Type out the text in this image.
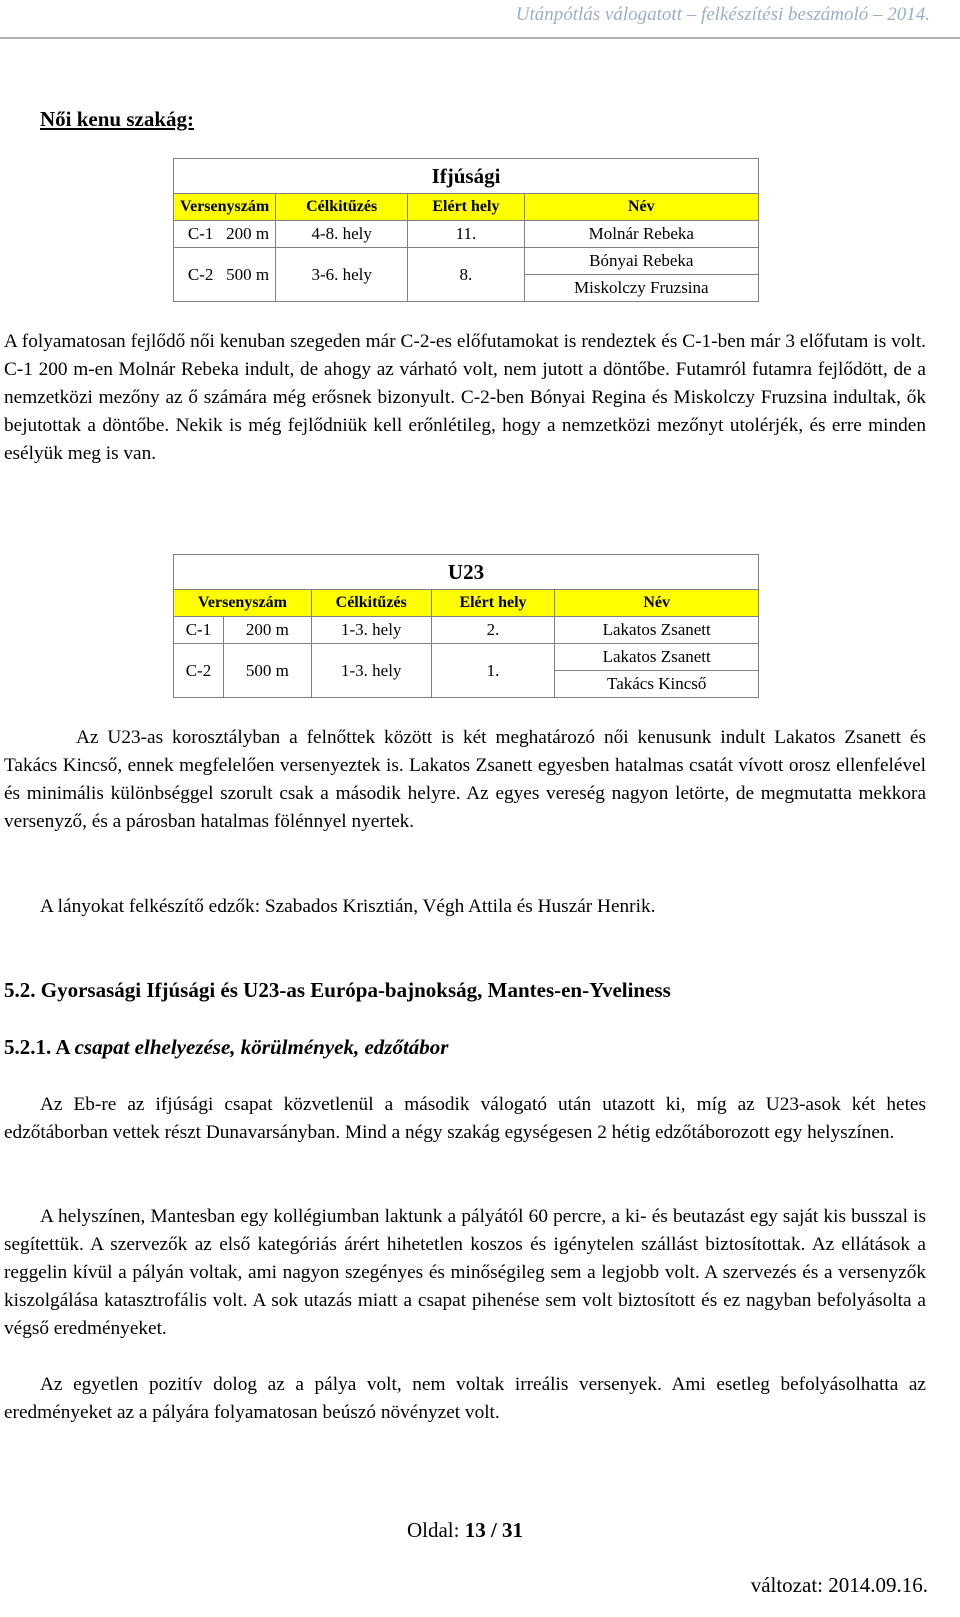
Utánpótlás válogatott – felkészítési beszámoló – 2014.
Női kenu szakág:
Ifjúsági			
Versenyszám	Célkitűzés	Elért hely	Név
C-1 200 m	4-8. hely	11.	Molnár Rebeka
C-2 500 m	3-6. hely	8.	Bónyai Rebeka
			Miskolczy Fruzsina

A folyamatosan fejlődő női kenuban szegeden már C-2-es előfutamokat is rendeztek és C-1-ben már 3 előfutam is volt. C-1 200 m-en Molnár Rebeka indult, de ahogy az várható volt, nem jutott a döntőbe. Futamról futamra fejlődött, de a nemzetközi mezőny az ő számára még erősnek bizonyult. C-2-ben Bónyai Regina és Miskolczy Fruzsina indultak, ők bejutottak a döntőbe. Nekik is még fejlődniük kell erőnlétileg, hogy a nemzetközi mezőnyt utolérjék, és erre minden esélyük meg is van.

U23				
Versenyszám		Célkitűzés	Elért hely	Név
C-1	200 m	1-3. hely	2.	Lakatos Zsanett
C-2	500 m	1-3. hely	1.	Lakatos Zsanett
				Takács Kincső

Az U23-as korosztályban a felnőttek között is két meghatározó női kenusunk indult Lakatos Zsanett és Takács Kincső, ennek megfelelően versenyeztek is. Lakatos Zsanett egyesben hatalmas csatát vívott orosz ellenfelével és minimális különbséggel szorult csak a második helyre. Az egyes vereség nagyon letörte, de megmutatta mekkora versenyző, és a párosban hatalmas fölénnyel nyertek.

A lányokat felkészítő edzők: Szabados Krisztián, Végh Attila és Huszár Henrik.

5.2. Gyorsasági Ifjúsági és U23-as Európa-bajnokság, Mantes-en-Yveliness
5.2.1. A csapat elhelyezése, körülmények, edzőtábor

Az Eb-re az ifjúsági csapat közvetlenül a második válogató után utazott ki, míg az U23-asok két hetes edzőtáborban vettek részt Dunavarsányban. Mind a négy szakág egységesen 2 hétig edzőtáborozott egy helyszínen.

A helyszínen, Mantesban egy kollégiumban laktunk a pályától 60 percre, a ki- és beutazást egy saját kis busszal is segítettük. A szervezők az első kategóriás árért hihetetlen koszos és igénytelen szállást biztosítottak. Az ellátások a reggelin kívül a pályán voltak, ami nagyon szegényes és minőségileg sem a legjobb volt. A szervezés és a versenyzők kiszolgálása katasztrofális volt. A sok utazás miatt a csapat pihenése sem volt biztosított és ez nagyban befolyásolta a végső eredményeket.

Az egyetlen pozitív dolog az a pálya volt, nem voltak irreális versenyek. Ami esetleg befolyásolhatta az eredményeket az a pályára folyamatosan beúszó növényzet volt.

Oldal: 13 / 31
változat: 2014.09.16.
